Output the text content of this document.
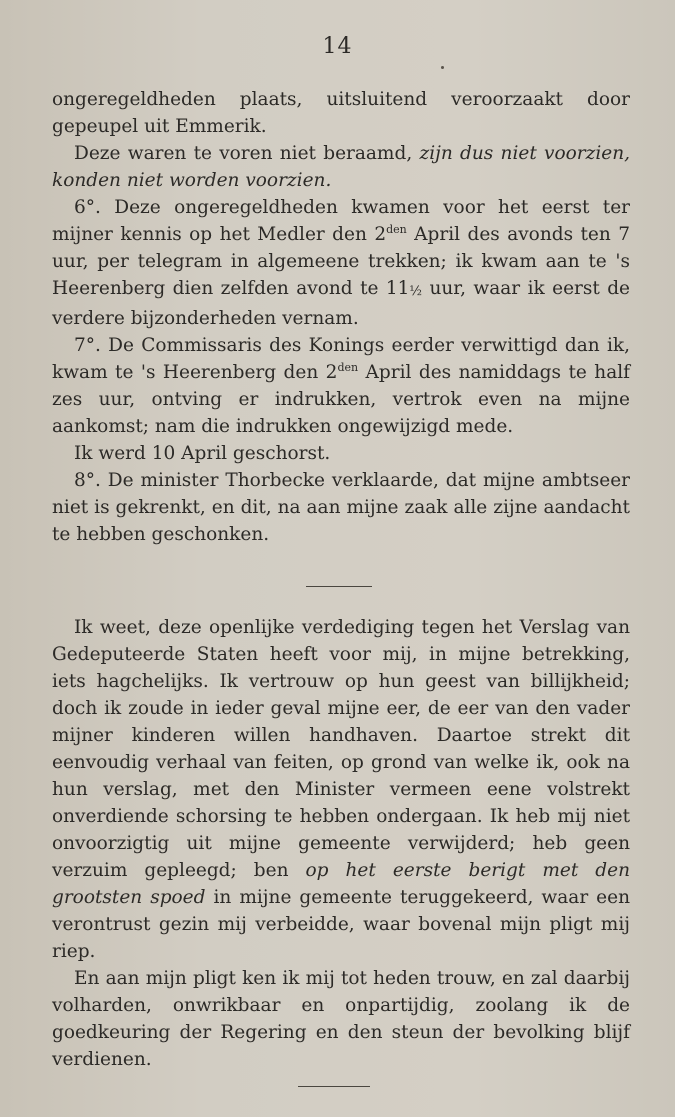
14

ongeregeldheden plaats, uitsluitend veroorzaakt door gepeupel uit Emmerik.

Deze waren te voren niet beraamd, zijn dus niet voorzien, konden niet worden voorzien.

6°. Deze ongeregeldheden kwamen voor het eerst ter mijner kennis op het Medler den $2^{den}$ April des avonds ten 7 uur, per telegram in algemeene trekken; ik kwam aan te 's Heerenberg dien zelfden avond te 11½ uur, waar ik eerst de verdere bijzonderheden vernam.

7°. De Commissaris des Konings eerder verwittigd dan ik, kwam te 's Heerenberg den $2^{den}$ April des namiddags te half zes uur, ontving er indrukken, vertrok even na mijne aankomst; nam die indrukken ongewijzigd mede.

Ik werd 10 April geschorst.

8°. De minister Thorbecke verklaarde, dat mijne ambtseer niet is gekrenkt, en dit, na aan mijne zaak alle zijne aandacht te hebben geschonken.

Ik weet, deze openlijke verdediging tegen het Verslag van Gedeputeerde Staten heeft voor mij, in mijne betrekking, iets hagchelijks. Ik vertrouw op hun geest van billijkheid; doch ik zoude in ieder geval mijne eer, de eer van den vader mijner kinderen willen handhaven. Daartoe strekt dit eenvoudig verhaal van feiten, op grond van welke ik, ook na hun verslag, met den Minister vermeen eene volstrekt onverdiende schorsing te hebben ondergaan. Ik heb mij niet onvoorzigtig uit mijne gemeente verwijderd; heb geen verzuim gepleegd; ben op het eerste berigt met den grootsten spoed in mijne gemeente teruggekeerd, waar een verontrust gezin mij verbeidde, waar bovenal mijn pligt mij riep.

En aan mijn pligt ken ik mij tot heden trouw, en zal daarbij volharden, onwrikbaar en onpartijdig, zoolang ik de goedkeuring der Regering en den steun der bevolking blijf verdienen.
